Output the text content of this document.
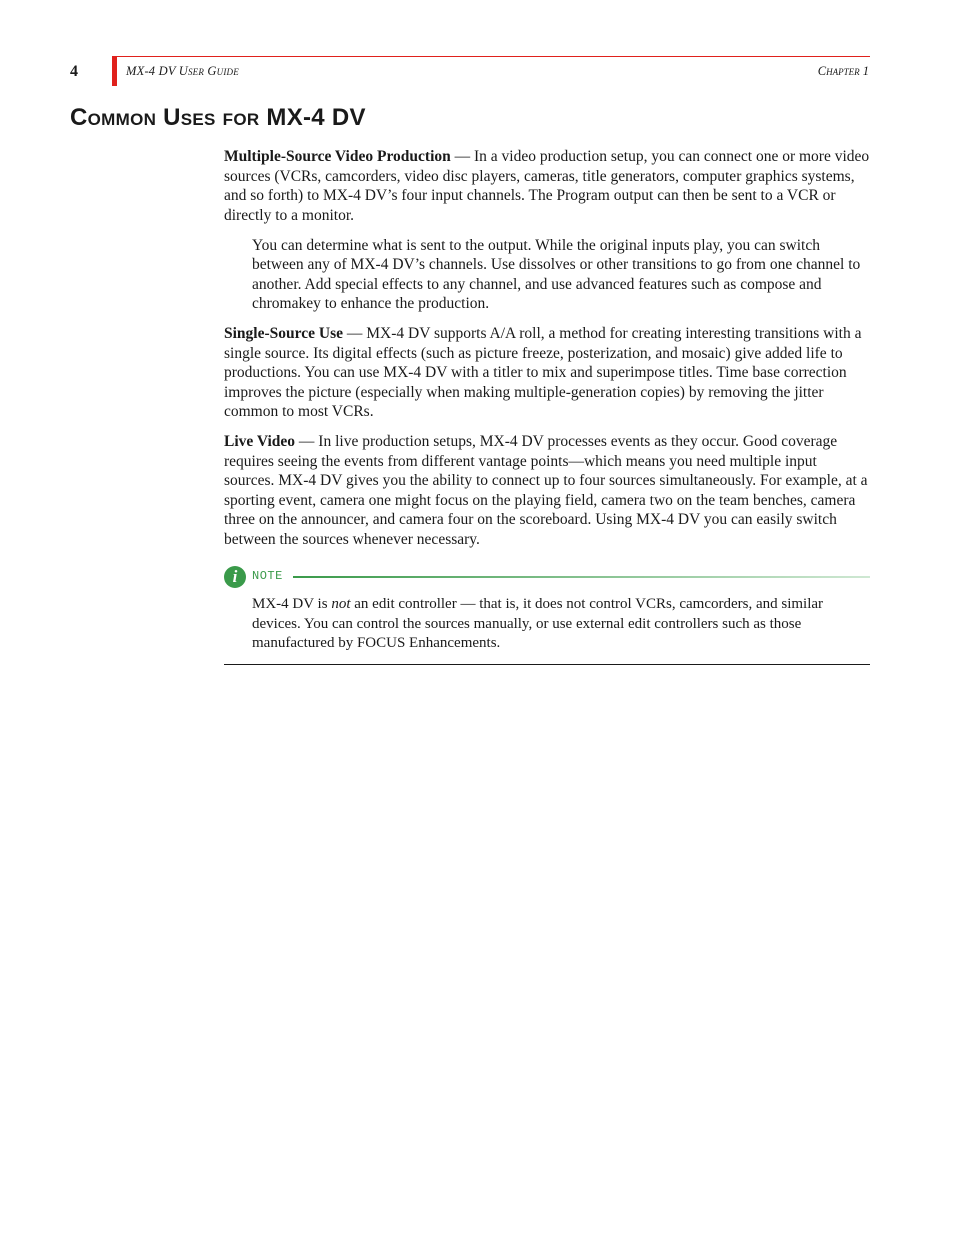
4	MX-4 DV User Guide	Chapter 1
Common Uses for MX-4 DV

Multiple-Source Video Production — In a video production setup, you can connect one or more video sources (VCRs, camcorders, video disc players, cameras, title generators, computer graphics systems, and so forth) to MX-4 DV’s four input channels. The Program output can then be sent to a VCR or directly to a monitor.

You can determine what is sent to the output. While the original inputs play, you can switch between any of MX-4 DV’s channels. Use dissolves or other transitions to go from one channel to another. Add special effects to any channel, and use advanced features such as compose and chromakey to enhance the production.

Single-Source Use — MX-4 DV supports A/A roll, a method for creating interesting transitions with a single source. Its digital effects (such as picture freeze, posterization, and mosaic) give added life to productions. You can use MX-4 DV with a titler to mix and superimpose titles. Time base correction improves the picture (especially when making multiple-generation copies) by removing the jitter common to most VCRs.

Live Video — In live production setups, MX-4 DV processes events as they occur. Good coverage requires seeing the events from different vantage points—which means you need multiple input sources. MX-4 DV gives you the ability to connect up to four sources simultaneously. For example, at a sporting event, camera one might focus on the playing field, camera two on the team benches, camera three on the announcer, and camera four on the scoreboard. Using MX-4 DV you can easily switch between the sources whenever necessary.

i	NOTE
MX-4 DV is not an edit controller — that is, it does not control VCRs, camcorders, and similar devices. You can control the sources manually, or use external edit controllers such as those manufactured by FOCUS Enhancements.
